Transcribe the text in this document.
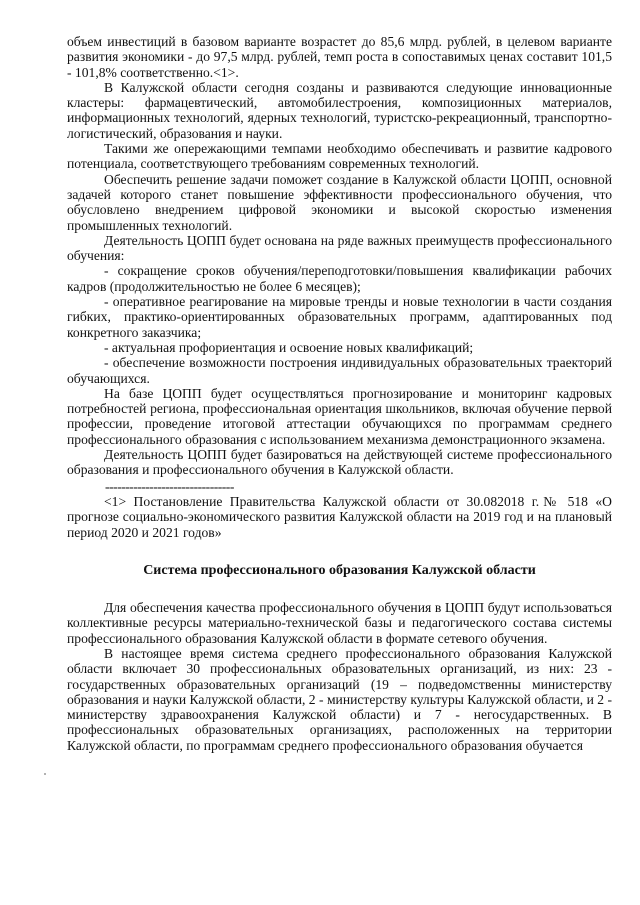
объем инвестиций в базовом варианте возрастет до 85,6 млрд. рублей, в целевом варианте развития экономики - до 97,5 млрд. рублей, темп роста в сопоставимых ценах составит 101,5 - 101,8% соответственно.<1>.

В Калужской области сегодня созданы и развиваются следующие инновационные кластеры: фармацевтический, автомобилестроения, композиционных материалов, информационных технологий, ядерных технологий, туристско-рекреационный, транспортно-логистический, образования и науки.

Такими же опережающими темпами необходимо обеспечивать и развитие кадрового потенциала, соответствующего требованиям современных технологий.

Обеспечить решение задачи поможет создание в Калужской области ЦОПП, основной задачей которого станет повышение эффективности профессионального обучения, что обусловлено внедрением цифровой экономики и высокой скоростью изменения промышленных технологий.

Деятельность ЦОПП будет основана на ряде важных преимуществ профессионального обучения:

- сокращение сроков обучения/переподготовки/повышения квалификации рабочих кадров (продолжительностью не более 6 месяцев);

- оперативное реагирование на мировые тренды и новые технологии в части создания гибких, практико-ориентированных образовательных программ, адаптированных под конкретного заказчика;

- актуальная профориентация и освоение новых квалификаций;

- обеспечение возможности построения индивидуальных образовательных траекторий обучающихся.

На базе ЦОПП будет осуществляться прогнозирование и мониторинг кадровых потребностей региона, профессиональная ориентация школьников, включая обучение первой профессии, проведение итоговой аттестации обучающихся по программам среднего профессионального образования с использованием механизма демонстрационного экзамена.

Деятельность ЦОПП будет базироваться на действующей системе профессионального образования и профессионального обучения в Калужской области.

--------------------------------

<1> Постановление Правительства Калужской области от 30.082018 г.№ 518 «О прогнозе социально-экономического развития Калужской области на 2019 год и на плановый период 2020 и 2021 годов»

Система профессионального образования Калужской области

Для обеспечения качества профессионального обучения в ЦОПП будут использоваться коллективные ресурсы материально-технической базы и педагогического состава системы профессионального образования Калужской области в формате сетевого обучения.

В настоящее время система среднего профессионального образования Калужской области включает 30 профессиональных образовательных организаций, из них: 23 - государственных образовательных организаций (19 – подведомственны министерству образования и науки Калужской области, 2 - министерству культуры Калужской области, и 2 - министерству здравоохранения Калужской области) и 7 - негосударственных. В профессиональных образовательных организациях, расположенных на территории Калужской области, по программам среднего профессионального образования обучается
